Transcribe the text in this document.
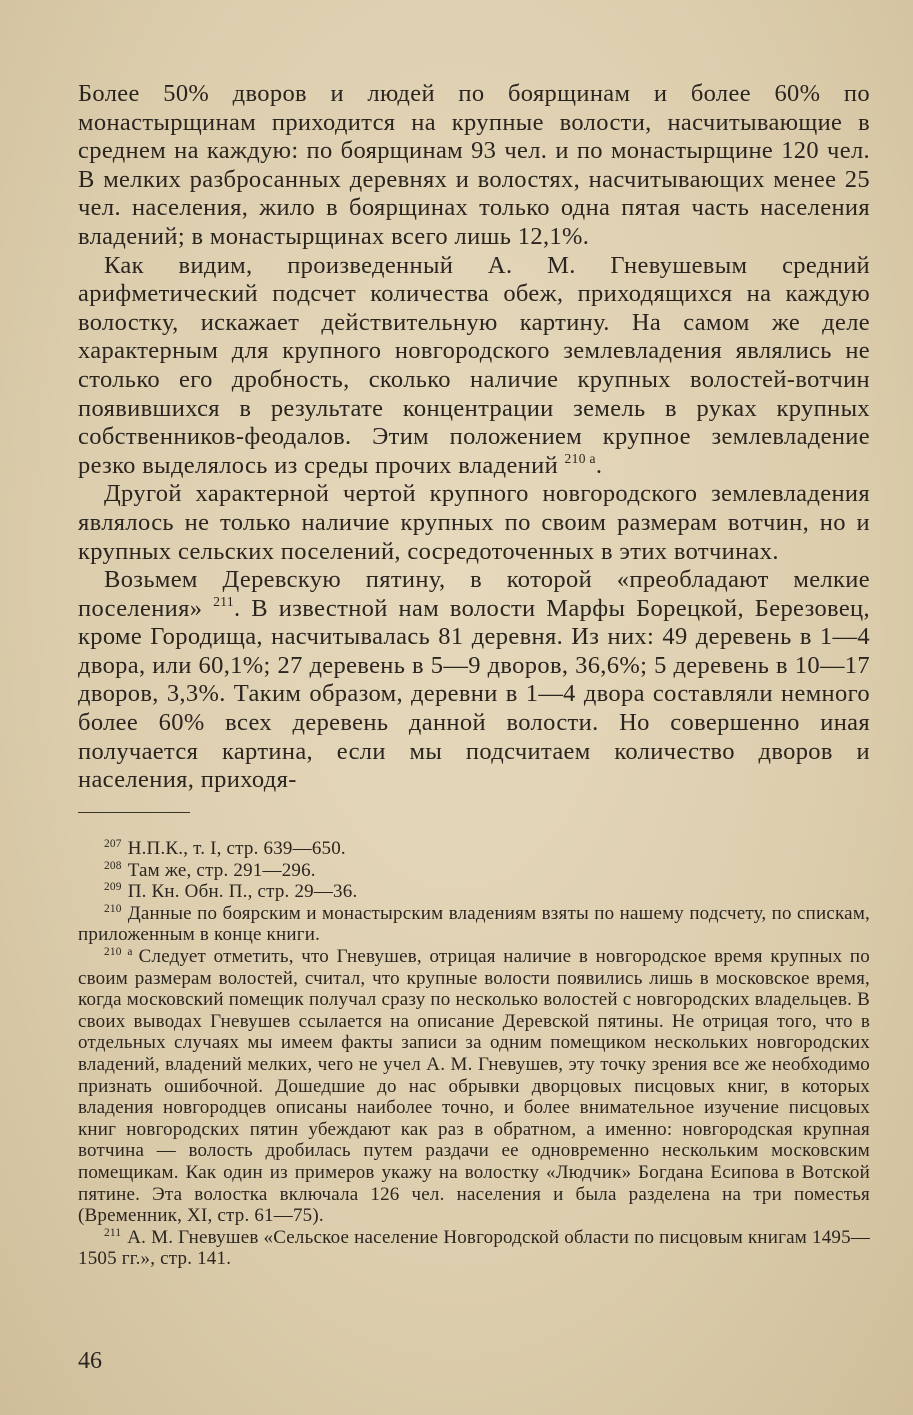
Более 50% дворов и людей по боярщинам и более 60% по монастырщинам приходится на крупные волости, насчитывающие в среднем на каждую: по боярщинам 93 чел. и по монастырщине 120 чел. В мелких разбросанных деревнях и волостях, насчитывающих менее 25 чел. населения, жило в боярщинах только одна пятая часть населения владений; в монастырщинах всего лишь 12,1%.

Как видим, произведенный А. М. Гневушевым средний арифметический подсчет количества обеж, приходящихся на каждую волостку, искажает действительную картину. На самом же деле характерным для крупного новгородского землевладения являлись не столько его дробность, сколько наличие крупных волостей-вотчин появившихся в результате концентрации земель в руках крупных собственников-феодалов. Этим положением крупное землевладение резко выделялось из среды прочих владений $^{210 а}$.

Другой характерной чертой крупного новгородского землевладения являлось не только наличие крупных по своим размерам вотчин, но и крупных сельских поселений, сосредоточенных в этих вотчинах.

Возьмем Деревскую пятину, в которой «преобладают мелкие поселения» $^{211}$. В известной нам волости Марфы Борецкой, Березовец, кроме Городища, насчитывалась 81 деревня. Из них: 49 деревень в 1—4 двора, или 60,1%; 27 деревень в 5—9 дворов, 36,6%; 5 деревень в 10—17 дворов, 3,3%. Таким образом, деревни в 1—4 двора составляли немного более 60% всех деревень данной волости. Но совершенно иная получается картина, если мы подсчитаем количество дворов и населения, приходя-

$^{207}$ Н.П.К., т. I, стр. 639—650.

$^{208}$ Там же, стр. 291—296.

$^{209}$ П. Кн. Обн. П., стр. 29—36.

$^{210}$ Данные по боярским и монастырским владениям взяты по нашему подсчету, по спискам, приложенным в конце книги.

$^{210 а}$ Следует отметить, что Гневушев, отрицая наличие в новгородское время крупных по своим размерам волостей, считал, что крупные волости появились лишь в московское время, когда московский помещик получал сразу по несколько волостей с новгородских владельцев. В своих выводах Гневушев ссылается на описание Деревской пятины. Не отрицая того, что в отдельных случаях мы имеем факты записи за одним помещиком нескольких новгородских владений, владений мелких, чего не учел А. М. Гневушев, эту точку зрения все же необходимо признать ошибочной. Дошедшие до нас обрывки дворцовых писцовых книг, в которых владения новгородцев описаны наиболее точно, и более внимательное изучение писцовых книг новгородских пятин убеждают как раз в обратном, а именно: новгородская крупная вотчина — волость дробилась путем раздачи ее одновременно нескольким московским помещикам. Как один из примеров укажу на волостку «Людчик» Богдана Есипова в Вотской пятине. Эта волостка включала 126 чел. населения и была разделена на три поместья (Временник, XI, стр. 61—75).

$^{211}$ А. М. Гневушев «Сельское население Новгородской области по писцовым книгам 1495—1505 гг.», стр. 141.

46
